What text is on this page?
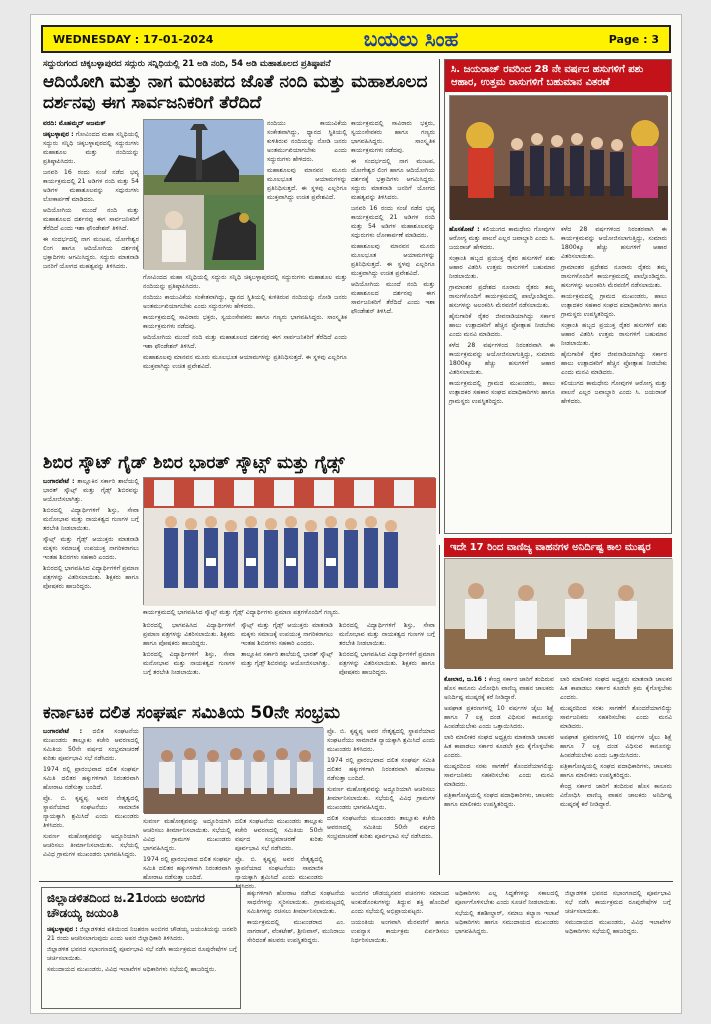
WEDNESDAY : 17-01-2024	ಬಯಲು ಸಿಂಹ	Page : 3
ಸದ್ದುರುಗಂದ ಚಿಕ್ಕಬಳ್ಳಾಪುರದ ಸದ್ಗುರು ಸನ್ನಿಧಿಯಲ್ಲಿ 21 ಅಡಿ ನಂದಿ, 54 ಅಡಿ ಮಹಾಶೂಲದ ಪ್ರತಿಷ್ಠಾಪನೆ
ಆದಿಯೋಗಿ ಮತ್ತು ನಾಗ ಮಂಟಪದ ಜೊತೆ ನಂದಿ ಮತ್ತು ಮಹಾಶೂಲದ ದರ್ಶನವು ಈಗ ಸಾರ್ವಜನಿಕರಿಗೆ ತೆರೆದಿದೆ

ವರದಿ: ಮೊಹಮ್ಮದ್ ಅಜಮತ್

ಚಿಕ್ಕಬಳ್ಳಾಪುರ : ಗೋವಿಂದದ ಮಹಾ ಸನ್ನಿಧಿಯಲ್ಲಿ ಸದ್ದುರು ಸನ್ನಿಧಿ ಚಿಕ್ಕಬಳ್ಳಾಪುರದಲ್ಲಿ ಸದ್ದುರುಗಳು ಮಹಾಶೂಲ ಮತ್ತು ನಂದಿಯನ್ನು ಪ್ರತಿಷ್ಠಾಪಿಸಿದರು.

ಜನವರಿ 16 ರಂದು ಸಂಜೆ ನಡೆದ ಭವ್ಯ ಕಾರ್ಯಕ್ರಮದಲ್ಲಿ 21 ಅಡಿಗಳ ನಂದಿ ಮತ್ತು 54 ಅಡಿಗಳ ಮಹಾಶೂಲವನ್ನು ಸದ್ಗುರುಗಳು ಲೋಕಾರ್ಪಣೆ ಮಾಡಿದರು.

ಆದಿಯೋಗಿಯ ಮುಂದೆ ನಂದಿ ಮತ್ತು ಮಹಾಶೂಲದ ದರ್ಶನವು ಈಗ ಸಾರ್ವಜನಿಕರಿಗೆ ತೆರೆದಿದೆ ಎಂದು ಇಶಾ ಫೌಂಡೇಶನ್ ತಿಳಿಸಿದೆ.

ಈ ಸಂದರ್ಭದಲ್ಲಿ ನಾಗ ಮಂಟಪ, ಯೋಗೇಶ್ವರ ಲಿಂಗ ಹಾಗೂ ಆದಿಯೋಗಿಯ ದರ್ಶನಕ್ಕೆ ಭಕ್ತಾದಿಗಳು ಆಗಮಿಸಿದ್ದರು. ಸದ್ದುರು ಮಾತನಾಡಿ ಜನರಿಗೆ ಯೋಗದ ಮಹತ್ವವನ್ನು ತಿಳಿಸಿದರು.

ನಂದಿಯು ಕಾಯುವಿಕೆಯ ಸಂಕೇತವಾಗಿದ್ದು, ಧ್ಯಾನದ ಸ್ಥಿತಿಯಲ್ಲಿ ಕುಳಿತಿರುವ ನಂದಿಯನ್ನು ನೋಡಿ ಜನರು ಅಂತರ್ಮುಖಿಯಾಗಬೇಕು ಎಂದು ಸದ್ದುರುಗಳು ಹೇಳಿದರು.

ಮಹಾಶೂಲವು ಮಾನವನ ಮೂರು ಮೂಲಭೂತ ಆಯಾಮಗಳನ್ನು ಪ್ರತಿನಿಧಿಸುತ್ತದೆ. ಈ ಸ್ಥಳವು ಎಲ್ಲರಿಗೂ ಮುಕ್ತವಾಗಿದ್ದು ಉಚಿತ ಪ್ರವೇಶವಿದೆ.

ಕಾರ್ಯಕ್ರಮದಲ್ಲಿ ಸಾವಿರಾರು ಭಕ್ತರು, ಸ್ವಯಂಸೇವಕರು ಹಾಗೂ ಗಣ್ಯರು ಭಾಗವಹಿಸಿದ್ದರು. ಸಾಂಸ್ಕೃತಿಕ ಕಾರ್ಯಕ್ರಮಗಳು ನಡೆದವು.

ಈ ಸಂದರ್ಭದಲ್ಲಿ ನಾಗ ಮಂಟಪ, ಯೋಗೇಶ್ವರ ಲಿಂಗ ಹಾಗೂ ಆದಿಯೋಗಿಯ ದರ್ಶನಕ್ಕೆ ಭಕ್ತಾದಿಗಳು ಆಗಮಿಸಿದ್ದರು. ಸದ್ದುರು ಮಾತನಾಡಿ ಜನರಿಗೆ ಯೋಗದ ಮಹತ್ವವನ್ನು ತಿಳಿಸಿದರು.

ಜನವರಿ 16 ರಂದು ಸಂಜೆ ನಡೆದ ಭವ್ಯ ಕಾರ್ಯಕ್ರಮದಲ್ಲಿ 21 ಅಡಿಗಳ ನಂದಿ ಮತ್ತು 54 ಅಡಿಗಳ ಮಹಾಶೂಲವನ್ನು ಸದ್ಗುರುಗಳು ಲೋಕಾರ್ಪಣೆ ಮಾಡಿದರು.

ಮಹಾಶೂಲವು ಮಾನವನ ಮೂರು ಮೂಲಭೂತ ಆಯಾಮಗಳನ್ನು ಪ್ರತಿನಿಧಿಸುತ್ತದೆ. ಈ ಸ್ಥಳವು ಎಲ್ಲರಿಗೂ ಮುಕ್ತವಾಗಿದ್ದು ಉಚಿತ ಪ್ರವೇಶವಿದೆ.

ಆದಿಯೋಗಿಯ ಮುಂದೆ ನಂದಿ ಮತ್ತು ಮಹಾಶೂಲದ ದರ್ಶನವು ಈಗ ಸಾರ್ವಜನಿಕರಿಗೆ ತೆರೆದಿದೆ ಎಂದು ಇಶಾ ಫೌಂಡೇಶನ್ ತಿಳಿಸಿದೆ.

ಗೋವಿಂದದ ಮಹಾ ಸನ್ನಿಧಿಯಲ್ಲಿ ಸದ್ದುರು ಸನ್ನಿಧಿ ಚಿಕ್ಕಬಳ್ಳಾಪುರದಲ್ಲಿ ಸದ್ದುರುಗಳು ಮಹಾಶೂಲ ಮತ್ತು ನಂದಿಯನ್ನು ಪ್ರತಿಷ್ಠಾಪಿಸಿದರು.

ನಂದಿಯು ಕಾಯುವಿಕೆಯ ಸಂಕೇತವಾಗಿದ್ದು, ಧ್ಯಾನದ ಸ್ಥಿತಿಯಲ್ಲಿ ಕುಳಿತಿರುವ ನಂದಿಯನ್ನು ನೋಡಿ ಜನರು ಅಂತರ್ಮುಖಿಯಾಗಬೇಕು ಎಂದು ಸದ್ದುರುಗಳು ಹೇಳಿದರು.

ಕಾರ್ಯಕ್ರಮದಲ್ಲಿ ಸಾವಿರಾರು ಭಕ್ತರು, ಸ್ವಯಂಸೇವಕರು ಹಾಗೂ ಗಣ್ಯರು ಭಾಗವಹಿಸಿದ್ದರು. ಸಾಂಸ್ಕೃತಿಕ ಕಾರ್ಯಕ್ರಮಗಳು ನಡೆದವು.

ಆದಿಯೋಗಿಯ ಮುಂದೆ ನಂದಿ ಮತ್ತು ಮಹಾಶೂಲದ ದರ್ಶನವು ಈಗ ಸಾರ್ವಜನಿಕರಿಗೆ ತೆರೆದಿದೆ ಎಂದು ಇಶಾ ಫೌಂಡೇಶನ್ ತಿಳಿಸಿದೆ.

ಮಹಾಶೂಲವು ಮಾನವನ ಮೂರು ಮೂಲಭೂತ ಆಯಾಮಗಳನ್ನು ಪ್ರತಿನಿಧಿಸುತ್ತದೆ. ಈ ಸ್ಥಳವು ಎಲ್ಲರಿಗೂ ಮುಕ್ತವಾಗಿದ್ದು ಉಚಿತ ಪ್ರವೇಶವಿದೆ.

ಸಿ. ಜಯರಾಜ್ ರವರಿಂದ 28 ನೇ ವರ್ಷದ ಹಸುಗಳಿಗೆ ಪಶು ಆಹಾರ, ಉತ್ತಮ ರಾಸುಗಳಿಗೆ ಬಹುಮಾನ ವಿತರಣೆ

ಹೊಸಕೋಟೆ : ಕಲಿಯುಗದ ಕಾಮಧೇನು ಗೋವುಗಳ ಆರೋಗ್ಯ ಮತ್ತು ಪಾಲನೆ ಎಲ್ಲರ ಜವಾಬ್ದಾರಿ ಎಂದು ಸಿ. ಜಯರಾಜ್ ಹೇಳಿದರು.

ಸಂಕ್ರಾಂತಿ ಹಬ್ಬದ ಪ್ರಯುಕ್ತ ರೈತರ ಹಸುಗಳಿಗೆ ಪಶು ಆಹಾರ ವಿತರಿಸಿ ಉತ್ತಮ ರಾಸುಗಳಿಗೆ ಬಹುಮಾನ ನೀಡಲಾಯಿತು.

ಗ್ರಾಮಾಂತರ ಪ್ರದೇಶದ ನೂರಾರು ರೈತರು ತಮ್ಮ ರಾಸುಗಳೊಂದಿಗೆ ಕಾರ್ಯಕ್ರಮದಲ್ಲಿ ಪಾಲ್ಗೊಂಡಿದ್ದರು. ಹಸುಗಳನ್ನು ಅಲಂಕರಿಸಿ ಮೆರವಣಿಗೆ ನಡೆಸಲಾಯಿತು.

ಹೈನುಗಾರಿಕೆ ರೈತರ ಜೀವನಾಡಿಯಾಗಿದ್ದು ಸರ್ಕಾರ ಹಾಲು ಉತ್ಪಾದಕರಿಗೆ ಹೆಚ್ಚಿನ ಪ್ರೋತ್ಸಾಹ ನೀಡಬೇಕು ಎಂದು ಮನವಿ ಮಾಡಿದರು.

ಕಳೆದ 28 ವರ್ಷಗಳಿಂದ ನಿರಂತರವಾಗಿ ಈ ಕಾರ್ಯಕ್ರಮವನ್ನು ಆಯೋಜಿಸಲಾಗುತ್ತಿದ್ದು, ಸುಮಾರು 1800ಕ್ಕೂ ಹೆಚ್ಚು ಹಸುಗಳಿಗೆ ಆಹಾರ ವಿತರಿಸಲಾಯಿತು.

ಕಾರ್ಯಕ್ರಮದಲ್ಲಿ ಗ್ರಾಮದ ಮುಖಂಡರು, ಹಾಲು ಉತ್ಪಾದಕರ ಸಹಕಾರ ಸಂಘದ ಪದಾಧಿಕಾರಿಗಳು ಹಾಗೂ ಗ್ರಾಮಸ್ಥರು ಉಪಸ್ಥಿತರಿದ್ದರು.

ಕಳೆದ 28 ವರ್ಷಗಳಿಂದ ನಿರಂತರವಾಗಿ ಈ ಕಾರ್ಯಕ್ರಮವನ್ನು ಆಯೋಜಿಸಲಾಗುತ್ತಿದ್ದು, ಸುಮಾರು 1800ಕ್ಕೂ ಹೆಚ್ಚು ಹಸುಗಳಿಗೆ ಆಹಾರ ವಿತರಿಸಲಾಯಿತು.

ಗ್ರಾಮಾಂತರ ಪ್ರದೇಶದ ನೂರಾರು ರೈತರು ತಮ್ಮ ರಾಸುಗಳೊಂದಿಗೆ ಕಾರ್ಯಕ್ರಮದಲ್ಲಿ ಪಾಲ್ಗೊಂಡಿದ್ದರು. ಹಸುಗಳನ್ನು ಅಲಂಕರಿಸಿ ಮೆರವಣಿಗೆ ನಡೆಸಲಾಯಿತು.

ಕಾರ್ಯಕ್ರಮದಲ್ಲಿ ಗ್ರಾಮದ ಮುಖಂಡರು, ಹಾಲು ಉತ್ಪಾದಕರ ಸಹಕಾರ ಸಂಘದ ಪದಾಧಿಕಾರಿಗಳು ಹಾಗೂ ಗ್ರಾಮಸ್ಥರು ಉಪಸ್ಥಿತರಿದ್ದರು.

ಸಂಕ್ರಾಂತಿ ಹಬ್ಬದ ಪ್ರಯುಕ್ತ ರೈತರ ಹಸುಗಳಿಗೆ ಪಶು ಆಹಾರ ವಿತರಿಸಿ ಉತ್ತಮ ರಾಸುಗಳಿಗೆ ಬಹುಮಾನ ನೀಡಲಾಯಿತು.

ಹೈನುಗಾರಿಕೆ ರೈತರ ಜೀವನಾಡಿಯಾಗಿದ್ದು ಸರ್ಕಾರ ಹಾಲು ಉತ್ಪಾದಕರಿಗೆ ಹೆಚ್ಚಿನ ಪ್ರೋತ್ಸಾಹ ನೀಡಬೇಕು ಎಂದು ಮನವಿ ಮಾಡಿದರು.

ಕಲಿಯುಗದ ಕಾಮಧೇನು ಗೋವುಗಳ ಆರೋಗ್ಯ ಮತ್ತು ಪಾಲನೆ ಎಲ್ಲರ ಜವಾಬ್ದಾರಿ ಎಂದು ಸಿ. ಜಯರಾಜ್ ಹೇಳಿದರು.

ಶಿಬಿರ ಸ್ಕೌಟ್ ಗೈಡ್ ಶಿಬಿರ ಭಾರತ್ ಸ್ಕೌಟ್ಸ್ ಮತ್ತು ಗೈಡ್ಸ್

ಬಂಗಾರಪೇಟೆ : ತಾಲ್ಲೂಕಿನ ಸರ್ಕಾರಿ ಶಾಲೆಯಲ್ಲಿ ಭಾರತ್ ಸ್ಕೌಟ್ಸ್ ಮತ್ತು ಗೈಡ್ಸ್ ಶಿಬಿರವನ್ನು ಆಯೋಜಿಸಲಾಗಿತ್ತು.

ಶಿಬಿರದಲ್ಲಿ ವಿದ್ಯಾರ್ಥಿಗಳಿಗೆ ಶಿಸ್ತು, ಸೇವಾ ಮನೋಭಾವ ಮತ್ತು ನಾಯಕತ್ವದ ಗುಣಗಳ ಬಗ್ಗೆ ತರಬೇತಿ ನೀಡಲಾಯಿತು.

ಸ್ಕೌಟ್ಸ್ ಮತ್ತು ಗೈಡ್ಸ್ ಆಯುಕ್ತರು ಮಾತನಾಡಿ ಮಕ್ಕಳು ಸಮಾಜಕ್ಕೆ ಉಪಯುಕ್ತ ನಾಗರಿಕರಾಗಲು ಇಂತಹ ಶಿಬಿರಗಳು ಸಹಕಾರಿ ಎಂದರು.

ಶಿಬಿರದಲ್ಲಿ ಭಾಗವಹಿಸಿದ ವಿದ್ಯಾರ್ಥಿಗಳಿಗೆ ಪ್ರಮಾಣ ಪತ್ರಗಳನ್ನು ವಿತರಿಸಲಾಯಿತು. ಶಿಕ್ಷಕರು ಹಾಗೂ ಪೋಷಕರು ಹಾಜರಿದ್ದರು.

ಕಾರ್ಯಕ್ರಮದಲ್ಲಿ ಭಾಗವಹಿಸಿದ ಸ್ಕೌಟ್ಸ್ ಮತ್ತು ಗೈಡ್ಸ್ ವಿದ್ಯಾರ್ಥಿಗಳು ಪ್ರಮಾಣ ಪತ್ರಗಳೊಂದಿಗೆ ಗಣ್ಯರು.

ಶಿಬಿರದಲ್ಲಿ ಭಾಗವಹಿಸಿದ ವಿದ್ಯಾರ್ಥಿಗಳಿಗೆ ಪ್ರಮಾಣ ಪತ್ರಗಳನ್ನು ವಿತರಿಸಲಾಯಿತು. ಶಿಕ್ಷಕರು ಹಾಗೂ ಪೋಷಕರು ಹಾಜರಿದ್ದರು.

ಶಿಬಿರದಲ್ಲಿ ವಿದ್ಯಾರ್ಥಿಗಳಿಗೆ ಶಿಸ್ತು, ಸೇವಾ ಮನೋಭಾವ ಮತ್ತು ನಾಯಕತ್ವದ ಗುಣಗಳ ಬಗ್ಗೆ ತರಬೇತಿ ನೀಡಲಾಯಿತು.

ಸ್ಕೌಟ್ಸ್ ಮತ್ತು ಗೈಡ್ಸ್ ಆಯುಕ್ತರು ಮಾತನಾಡಿ ಮಕ್ಕಳು ಸಮಾಜಕ್ಕೆ ಉಪಯುಕ್ತ ನಾಗರಿಕರಾಗಲು ಇಂತಹ ಶಿಬಿರಗಳು ಸಹಕಾರಿ ಎಂದರು.

ತಾಲ್ಲೂಕಿನ ಸರ್ಕಾರಿ ಶಾಲೆಯಲ್ಲಿ ಭಾರತ್ ಸ್ಕೌಟ್ಸ್ ಮತ್ತು ಗೈಡ್ಸ್ ಶಿಬಿರವನ್ನು ಆಯೋಜಿಸಲಾಗಿತ್ತು.

ಶಿಬಿರದಲ್ಲಿ ವಿದ್ಯಾರ್ಥಿಗಳಿಗೆ ಶಿಸ್ತು, ಸೇವಾ ಮನೋಭಾವ ಮತ್ತು ನಾಯಕತ್ವದ ಗುಣಗಳ ಬಗ್ಗೆ ತರಬೇತಿ ನೀಡಲಾಯಿತು.

ಶಿಬಿರದಲ್ಲಿ ಭಾಗವಹಿಸಿದ ವಿದ್ಯಾರ್ಥಿಗಳಿಗೆ ಪ್ರಮಾಣ ಪತ್ರಗಳನ್ನು ವಿತರಿಸಲಾಯಿತು. ಶಿಕ್ಷಕರು ಹಾಗೂ ಪೋಷಕರು ಹಾಜರಿದ್ದರು.

ಇದೇ 17 ರಿಂದ ವಾಣಿಜ್ಯ ವಾಹನಗಳ ಅನಿರ್ದಿಷ್ಟ ಕಾಲ ಮುಷ್ಕರ

ಕೋಲಾರ, ಜ.16 : ಕೇಂದ್ರ ಸರ್ಕಾರ ಜಾರಿಗೆ ತಂದಿರುವ ಹೊಸ ಕಾನೂನು ವಿರೋಧಿಸಿ ವಾಣಿಜ್ಯ ವಾಹನ ಚಾಲಕರು ಅನಿರ್ದಿಷ್ಟ ಮುಷ್ಕರಕ್ಕೆ ಕರೆ ನೀಡಿದ್ದಾರೆ.

ಅಪಘಾತ ಪ್ರಕರಣಗಳಲ್ಲಿ 10 ವರ್ಷಗಳ ಜೈಲು ಶಿಕ್ಷೆ ಹಾಗೂ 7 ಲಕ್ಷ ದಂಡ ವಿಧಿಸುವ ಕಾನೂನನ್ನು ಹಿಂಪಡೆಯಬೇಕು ಎಂದು ಒತ್ತಾಯಿಸಿದರು.

ಲಾರಿ ಮಾಲೀಕರ ಸಂಘದ ಅಧ್ಯಕ್ಷರು ಮಾತನಾಡಿ ಚಾಲಕರ ಹಿತ ಕಾಪಾಡಲು ಸರ್ಕಾರ ಕೂಡಲೇ ಕ್ರಮ ಕೈಗೊಳ್ಳಬೇಕು ಎಂದರು.

ಮುಷ್ಕರದಿಂದ ಸರಕು ಸಾಗಣೆಗೆ ತೊಂದರೆಯಾಗಲಿದ್ದು ಸಾರ್ವಜನಿಕರು ಸಹಕರಿಸಬೇಕು ಎಂದು ಮನವಿ ಮಾಡಿದರು.

ಪತ್ರಿಕಾಗೋಷ್ಠಿಯಲ್ಲಿ ಸಂಘದ ಪದಾಧಿಕಾರಿಗಳು, ಚಾಲಕರು ಹಾಗೂ ಮಾಲೀಕರು ಉಪಸ್ಥಿತರಿದ್ದರು.

ಲಾರಿ ಮಾಲೀಕರ ಸಂಘದ ಅಧ್ಯಕ್ಷರು ಮಾತನಾಡಿ ಚಾಲಕರ ಹಿತ ಕಾಪಾಡಲು ಸರ್ಕಾರ ಕೂಡಲೇ ಕ್ರಮ ಕೈಗೊಳ್ಳಬೇಕು ಎಂದರು.

ಮುಷ್ಕರದಿಂದ ಸರಕು ಸಾಗಣೆಗೆ ತೊಂದರೆಯಾಗಲಿದ್ದು ಸಾರ್ವಜನಿಕರು ಸಹಕರಿಸಬೇಕು ಎಂದು ಮನವಿ ಮಾಡಿದರು.

ಅಪಘಾತ ಪ್ರಕರಣಗಳಲ್ಲಿ 10 ವರ್ಷಗಳ ಜೈಲು ಶಿಕ್ಷೆ ಹಾಗೂ 7 ಲಕ್ಷ ದಂಡ ವಿಧಿಸುವ ಕಾನೂನನ್ನು ಹಿಂಪಡೆಯಬೇಕು ಎಂದು ಒತ್ತಾಯಿಸಿದರು.

ಪತ್ರಿಕಾಗೋಷ್ಠಿಯಲ್ಲಿ ಸಂಘದ ಪದಾಧಿಕಾರಿಗಳು, ಚಾಲಕರು ಹಾಗೂ ಮಾಲೀಕರು ಉಪಸ್ಥಿತರಿದ್ದರು.

ಕೇಂದ್ರ ಸರ್ಕಾರ ಜಾರಿಗೆ ತಂದಿರುವ ಹೊಸ ಕಾನೂನು ವಿರೋಧಿಸಿ ವಾಣಿಜ್ಯ ವಾಹನ ಚಾಲಕರು ಅನಿರ್ದಿಷ್ಟ ಮುಷ್ಕರಕ್ಕೆ ಕರೆ ನೀಡಿದ್ದಾರೆ.

ಕರ್ನಾಟಕ ದಲಿತ ಸಂಘರ್ಷ ಸಮಿತಿಯ 50ನೇ ಸಂಭ್ರಮ

ಬಂಗಾರಪೇಟೆ : ದಲಿತ ಸಂಘಟನೆಯ ಮುಖಂಡರು ತಾಲ್ಲೂಕು ಕಚೇರಿ ಆವರಣದಲ್ಲಿ ಸಮಿತಿಯ 50ನೇ ವರ್ಷದ ಸಂಭ್ರಮಾಚರಣೆ ಕುರಿತು ಪೂರ್ವಭಾವಿ ಸಭೆ ನಡೆಸಿದರು.

1974 ರಲ್ಲಿ ಪ್ರಾರಂಭವಾದ ದಲಿತ ಸಂಘರ್ಷ ಸಮಿತಿ ದಲಿತರ ಹಕ್ಕುಗಳಿಗಾಗಿ ನಿರಂತರವಾಗಿ ಹೋರಾಟ ನಡೆಸುತ್ತಾ ಬಂದಿದೆ.

ಪ್ರೊ. ಬಿ. ಕೃಷ್ಣಪ್ಪ ಅವರ ನೇತೃತ್ವದಲ್ಲಿ ಸ್ಥಾಪನೆಯಾದ ಸಂಘಟನೆಯು ಸಾಮಾಜಿಕ ನ್ಯಾಯಕ್ಕಾಗಿ ಶ್ರಮಿಸಿದೆ ಎಂದು ಮುಖಂಡರು ತಿಳಿಸಿದರು.

ಸುವರ್ಣ ಮಹೋತ್ಸವವನ್ನು ಅದ್ದೂರಿಯಾಗಿ ಆಚರಿಸಲು ತೀರ್ಮಾನಿಸಲಾಯಿತು. ಸಭೆಯಲ್ಲಿ ವಿವಿಧ ಗ್ರಾಮಗಳ ಮುಖಂಡರು ಭಾಗವಹಿಸಿದ್ದರು.

ಪ್ರೊ. ಬಿ. ಕೃಷ್ಣಪ್ಪ ಅವರ ನೇತೃತ್ವದಲ್ಲಿ ಸ್ಥಾಪನೆಯಾದ ಸಂಘಟನೆಯು ಸಾಮಾಜಿಕ ನ್ಯಾಯಕ್ಕಾಗಿ ಶ್ರಮಿಸಿದೆ ಎಂದು ಮುಖಂಡರು ತಿಳಿಸಿದರು.

1974 ರಲ್ಲಿ ಪ್ರಾರಂಭವಾದ ದಲಿತ ಸಂಘರ್ಷ ಸಮಿತಿ ದಲಿತರ ಹಕ್ಕುಗಳಿಗಾಗಿ ನಿರಂತರವಾಗಿ ಹೋರಾಟ ನಡೆಸುತ್ತಾ ಬಂದಿದೆ.

ಸುವರ್ಣ ಮಹೋತ್ಸವವನ್ನು ಅದ್ದೂರಿಯಾಗಿ ಆಚರಿಸಲು ತೀರ್ಮಾನಿಸಲಾಯಿತು. ಸಭೆಯಲ್ಲಿ ವಿವಿಧ ಗ್ರಾಮಗಳ ಮುಖಂಡರು ಭಾಗವಹಿಸಿದ್ದರು.

ದಲಿತ ಸಂಘಟನೆಯ ಮುಖಂಡರು ತಾಲ್ಲೂಕು ಕಚೇರಿ ಆವರಣದಲ್ಲಿ ಸಮಿತಿಯ 50ನೇ ವರ್ಷದ ಸಂಭ್ರಮಾಚರಣೆ ಕುರಿತು ಪೂರ್ವಭಾವಿ ಸಭೆ ನಡೆಸಿದರು.

ಸುವರ್ಣ ಮಹೋತ್ಸವವನ್ನು ಅದ್ದೂರಿಯಾಗಿ ಆಚರಿಸಲು ತೀರ್ಮಾನಿಸಲಾಯಿತು. ಸಭೆಯಲ್ಲಿ ವಿವಿಧ ಗ್ರಾಮಗಳ ಮುಖಂಡರು ಭಾಗವಹಿಸಿದ್ದರು.

1974 ರಲ್ಲಿ ಪ್ರಾರಂಭವಾದ ದಲಿತ ಸಂಘರ್ಷ ಸಮಿತಿ ದಲಿತರ ಹಕ್ಕುಗಳಿಗಾಗಿ ನಿರಂತರವಾಗಿ ಹೋರಾಟ ನಡೆಸುತ್ತಾ ಬಂದಿದೆ.

ದಲಿತ ಸಂಘಟನೆಯ ಮುಖಂಡರು ತಾಲ್ಲೂಕು ಕಚೇರಿ ಆವರಣದಲ್ಲಿ ಸಮಿತಿಯ 50ನೇ ವರ್ಷದ ಸಂಭ್ರಮಾಚರಣೆ ಕುರಿತು ಪೂರ್ವಭಾವಿ ಸಭೆ ನಡೆಸಿದರು.

ಪ್ರೊ. ಬಿ. ಕೃಷ್ಣಪ್ಪ ಅವರ ನೇತೃತ್ವದಲ್ಲಿ ಸ್ಥಾಪನೆಯಾದ ಸಂಘಟನೆಯು ಸಾಮಾಜಿಕ ನ್ಯಾಯಕ್ಕಾಗಿ ಶ್ರಮಿಸಿದೆ ಎಂದು ಮುಖಂಡರು ತಿಳಿಸಿದರು.

ಜಿಲ್ಲಾಡಳಿತದಿಂದ ಜ.21ರಂದು ಅಂಬಿಗರ ಚೌಡಯ್ಯ ಜಯಂತಿ

ಚಿಕ್ಕಬಳ್ಳಾಪುರ : ಜಿಲ್ಲಾಡಳಿತದ ವತಿಯಿಂದ ನಿಜಶರಣ ಅಂಬಿಗರ ಚೌಡಯ್ಯ ಜಯಂತಿಯನ್ನು ಜನವರಿ 21 ರಂದು ಆಚರಿಸಲಾಗುವುದು ಎಂದು ಅಪರ ಜಿಲ್ಲಾಧಿಕಾರಿ ತಿಳಿಸಿದರು.

ಜಿಲ್ಲಾಡಳಿತ ಭವನದ ಸಭಾಂಗಣದಲ್ಲಿ ಪೂರ್ವಭಾವಿ ಸಭೆ ನಡೆಸಿ ಕಾರ್ಯಕ್ರಮದ ರೂಪುರೇಷೆಗಳ ಬಗ್ಗೆ ಚರ್ಚಿಸಲಾಯಿತು.

ಸಮುದಾಯದ ಮುಖಂಡರು, ವಿವಿಧ ಇಲಾಖೆಗಳ ಅಧಿಕಾರಿಗಳು ಸಭೆಯಲ್ಲಿ ಹಾಜರಿದ್ದರು.

ಹಕ್ಕುಗಳಿಗಾಗಿ ಹೋರಾಟ ನಡೆಸಿದ ಸಂಘಟನೆಯ ಸಾಧನೆಗಳನ್ನು ಸ್ಮರಿಸಲಾಯಿತು. ಗ್ರಾಮಮಟ್ಟದಲ್ಲಿ ಸಮಿತಿಗಳನ್ನು ರಚಿಸಲು ತೀರ್ಮಾನಿಸಲಾಯಿತು.

ಕಾರ್ಯಕ್ರಮದಲ್ಲಿ ಮುಖಂಡರಾದ ಎಂ. ನಾಗರಾಜ್, ವೆಂಕಟೇಶ್, ಶ್ರೀನಿವಾಸ್, ಮುನಿರಾಜು ಸೇರಿದಂತೆ ಹಲವರು ಉಪಸ್ಥಿತರಿದ್ದರು.

ಅಂಬಿಗರ ಚೌಡಯ್ಯನವರ ವಚನಗಳು ಸಮಾಜದ ಅಂಕುಡೊಂಕುಗಳನ್ನು ತಿದ್ದುವ ಶಕ್ತಿ ಹೊಂದಿವೆ ಎಂದು ಸಭೆಯಲ್ಲಿ ಅಭಿಪ್ರಾಯಪಟ್ಟರು.

ಜಯಂತಿಯ ಅಂಗವಾಗಿ ಮೆರವಣಿಗೆ ಹಾಗೂ ಉಪನ್ಯಾಸ ಕಾರ್ಯಕ್ರಮ ಏರ್ಪಡಿಸಲು ನಿರ್ಧರಿಸಲಾಯಿತು.

ಅಧಿಕಾರಿಗಳು ಎಲ್ಲ ಸಿದ್ಧತೆಗಳನ್ನು ಸಕಾಲದಲ್ಲಿ ಪೂರ್ಣಗೊಳಿಸಬೇಕು ಎಂದು ಸೂಚನೆ ನೀಡಲಾಯಿತು.

ಸಭೆಯಲ್ಲಿ ತಹಶೀಲ್ದಾರ್, ಸಮಾಜ ಕಲ್ಯಾಣ ಇಲಾಖೆ ಅಧಿಕಾರಿಗಳು ಹಾಗೂ ಸಮುದಾಯದ ಮುಖಂಡರು ಭಾಗವಹಿಸಿದ್ದರು.

ಜಿಲ್ಲಾಡಳಿತ ಭವನದ ಸಭಾಂಗಣದಲ್ಲಿ ಪೂರ್ವಭಾವಿ ಸಭೆ ನಡೆಸಿ ಕಾರ್ಯಕ್ರಮದ ರೂಪುರೇಷೆಗಳ ಬಗ್ಗೆ ಚರ್ಚಿಸಲಾಯಿತು.

ಸಮುದಾಯದ ಮುಖಂಡರು, ವಿವಿಧ ಇಲಾಖೆಗಳ ಅಧಿಕಾರಿಗಳು ಸಭೆಯಲ್ಲಿ ಹಾಜರಿದ್ದರು.
